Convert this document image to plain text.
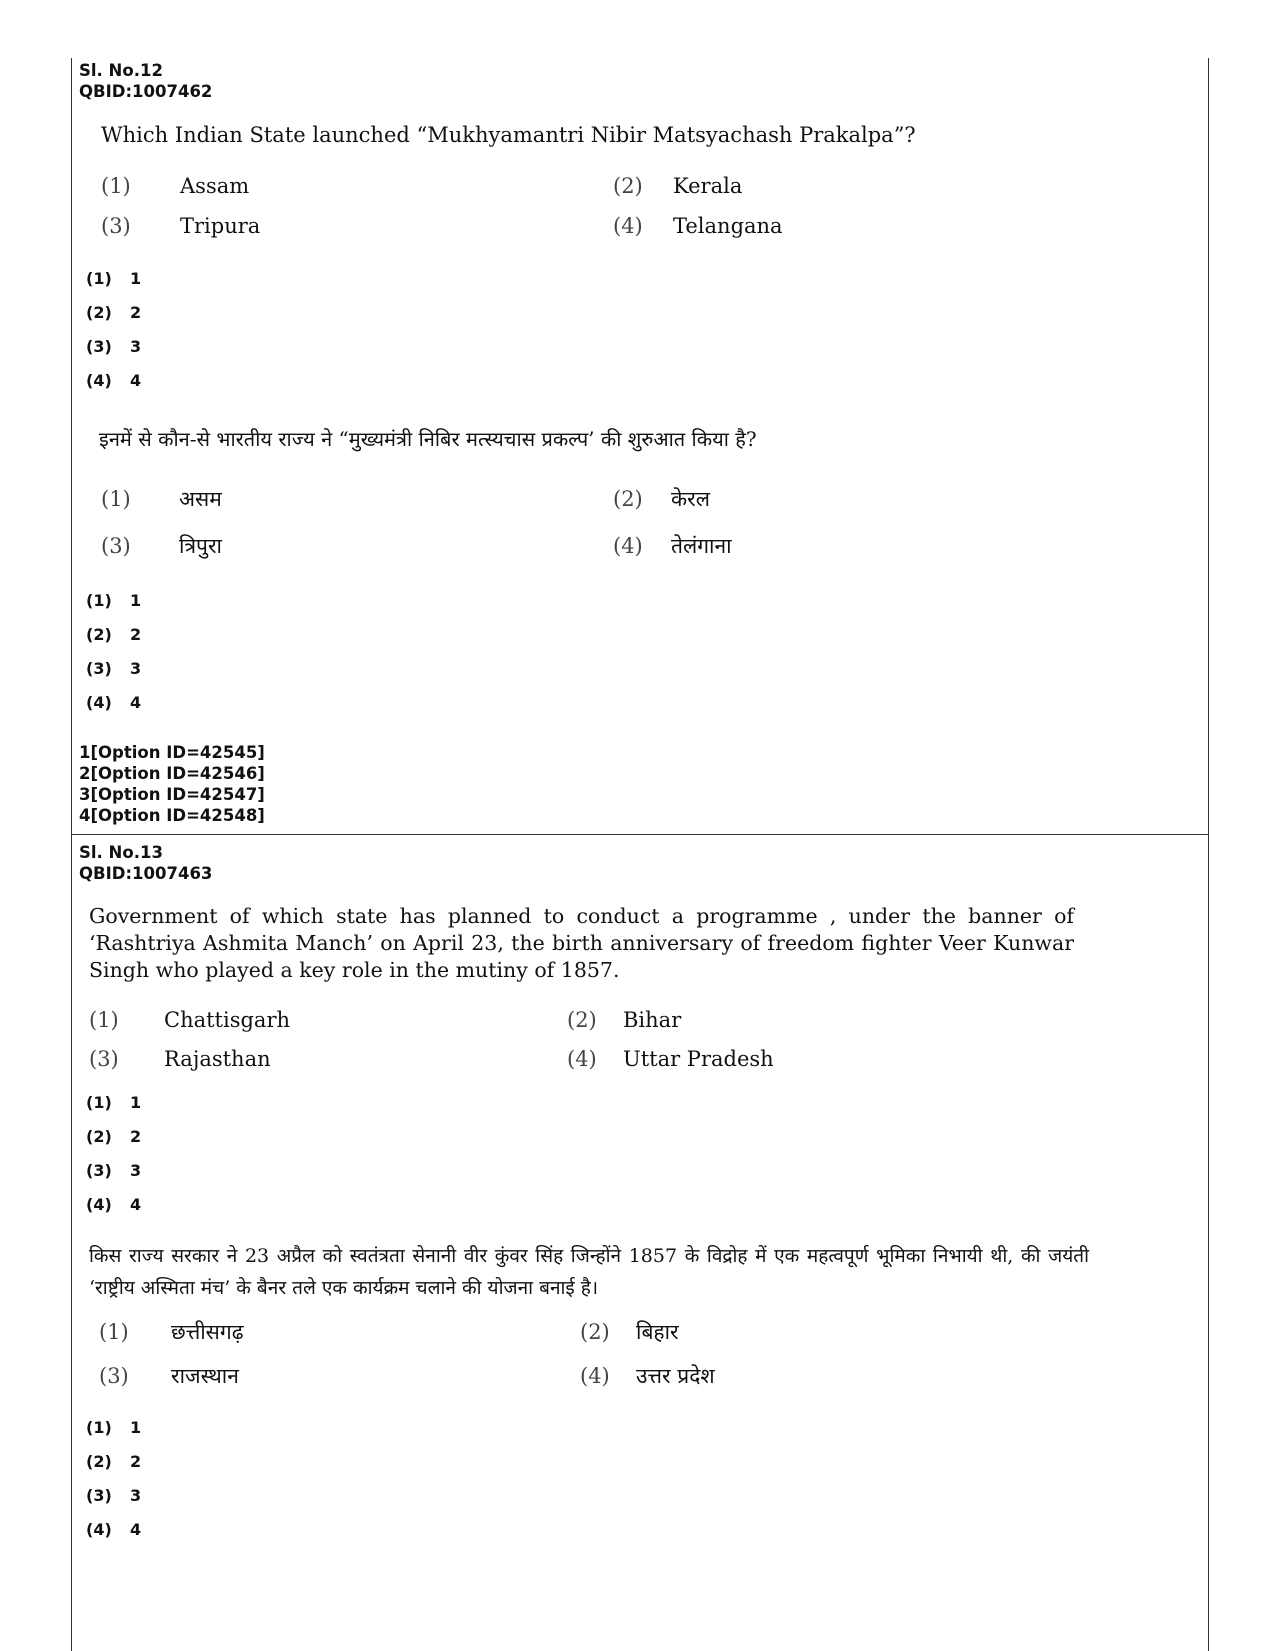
Sl. No.12
QBID:1007462
Which Indian State launched “Mukhyamantri Nibir Matsyachash Prakalpa”?
(1) Assam	(2) Kerala
(3) Tripura	(4) Telangana
(1) 1
(2) 2
(3) 3
(4) 4
इनमें से कौन-से भारतीय राज्य ने “मुख्यमंत्री निबिर मत्स्यचास प्रकल्प’ की शुरुआत किया है?
(1) असम	(2) केरल
(3) त्रिपुरा	(4) तेलंगाना
(1) 1
(2) 2
(3) 3
(4) 4
1[Option ID=42545]
2[Option ID=42546]
3[Option ID=42547]
4[Option ID=42548]
Sl. No.13
QBID:1007463
Government of which state has planned to conduct a programme , under the banner of ‘Rashtriya Ashmita Manch’ on April 23, the birth anniversary of freedom fighter Veer Kunwar Singh who played a key role in the mutiny of 1857.
(1) Chattisgarh	(2) Bihar
(3) Rajasthan	(4) Uttar Pradesh
(1) 1
(2) 2
(3) 3
(4) 4
किस राज्य सरकार ने 23 अप्रैल को स्वतंत्रता सेनानी वीर कुंवर सिंह जिन्होंने 1857 के विद्रोह में एक महत्वपूर्ण भूमिका निभायी थी, की जयंती ‘राष्ट्रीय अस्मिता मंच’ के बैनर तले एक कार्यक्रम चलाने की योजना बनाई है।
(1) छत्तीसगढ़	(2) बिहार
(3) राजस्थान	(4) उत्तर प्रदेश
(1) 1
(2) 2
(3) 3
(4) 4
